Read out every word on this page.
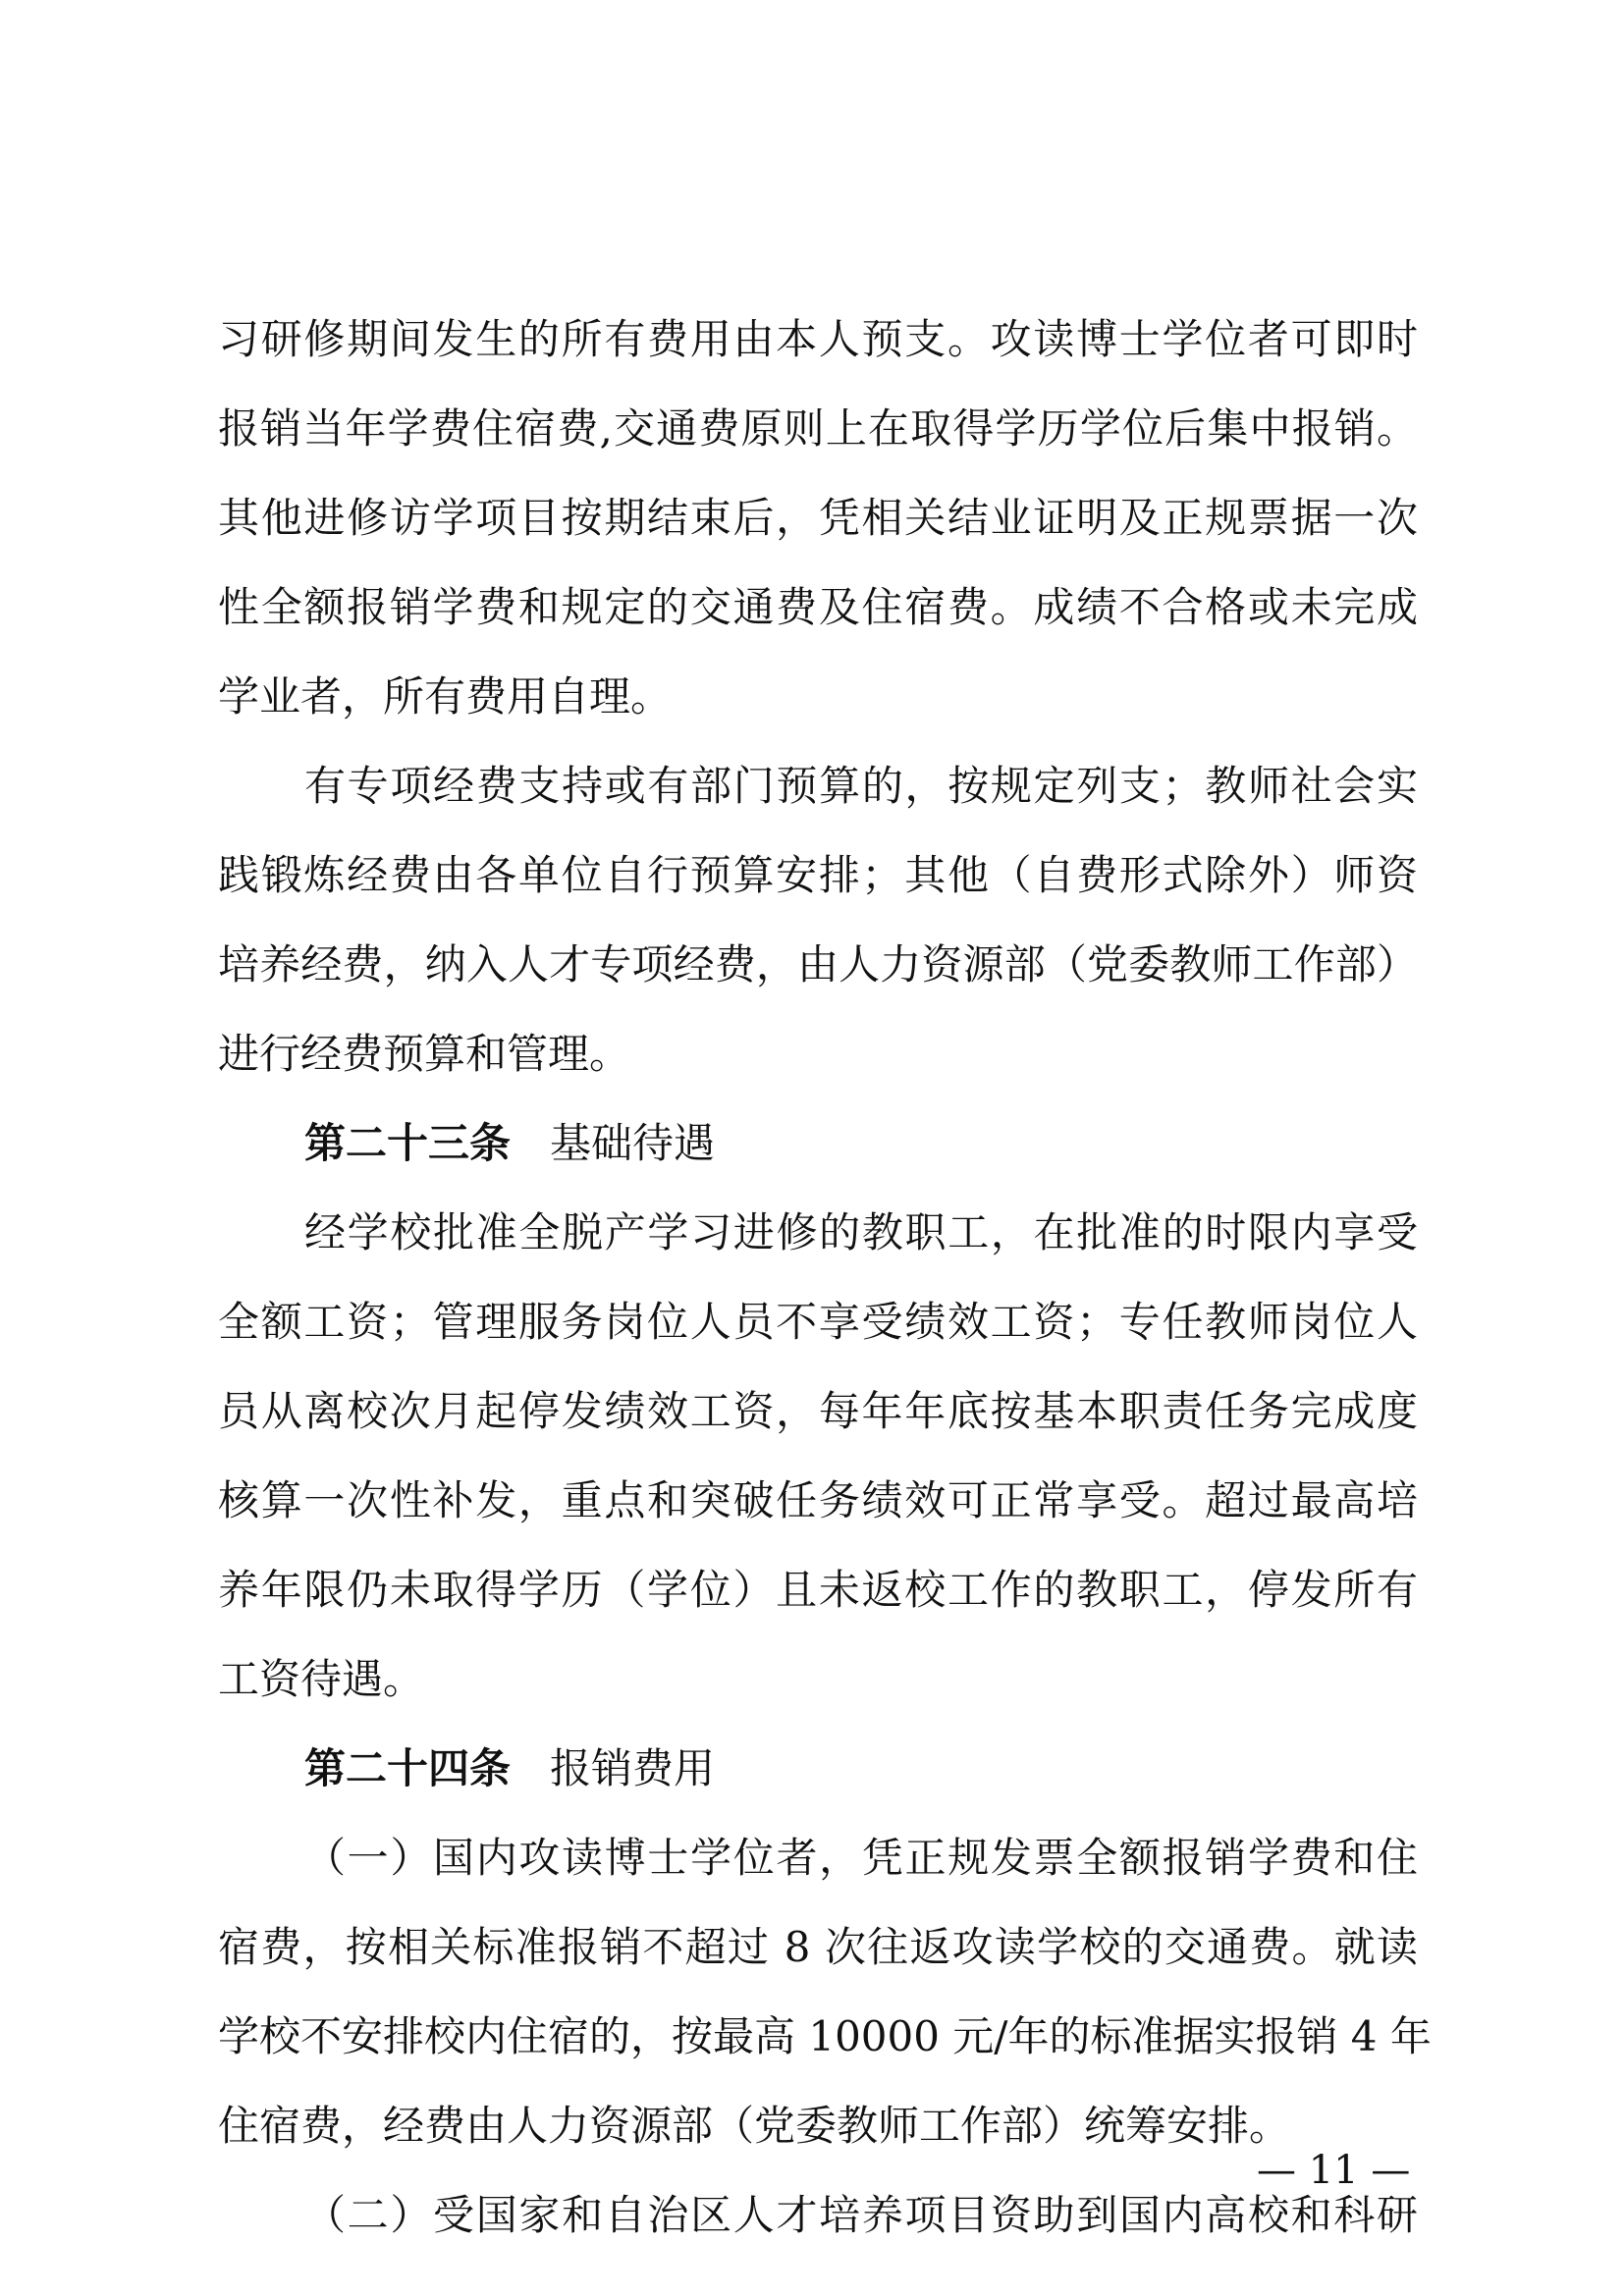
习研修期间发生的所有费用由本人预支。攻读博士学位者可即时
报销当年学费住宿费,交通费原则上在取得学历学位后集中报销。
其他进修访学项目按期结束后，凭相关结业证明及正规票据一次
性全额报销学费和规定的交通费及住宿费。成绩不合格或未完成
学业者，所有费用自理。
有专项经费支持或有部门预算的，按规定列支；教师社会实
践锻炼经费由各单位自行预算安排；其他（自费形式除外）师资
培养经费，纳入人才专项经费，由人力资源部（党委教师工作部）
进行经费预算和管理。
第二十三条 基础待遇
经学校批准全脱产学习进修的教职工，在批准的时限内享受
全额工资；管理服务岗位人员不享受绩效工资；专任教师岗位人
员从离校次月起停发绩效工资，每年年底按基本职责任务完成度
核算一次性补发，重点和突破任务绩效可正常享受。超过最高培
养年限仍未取得学历（学位）且未返校工作的教职工，停发所有
工资待遇。
第二十四条 报销费用
（一）国内攻读博士学位者，凭正规发票全额报销学费和住
宿费，按相关标准报销不超过 8 次往返攻读学校的交通费。就读
学校不安排校内住宿的，按最高 10000 元/年的标准据实报销 4 年
住宿费，经费由人力资源部（党委教师工作部）统筹安排。
（二）受国家和自治区人才培养项目资助到国内高校和科研
— 11 —
